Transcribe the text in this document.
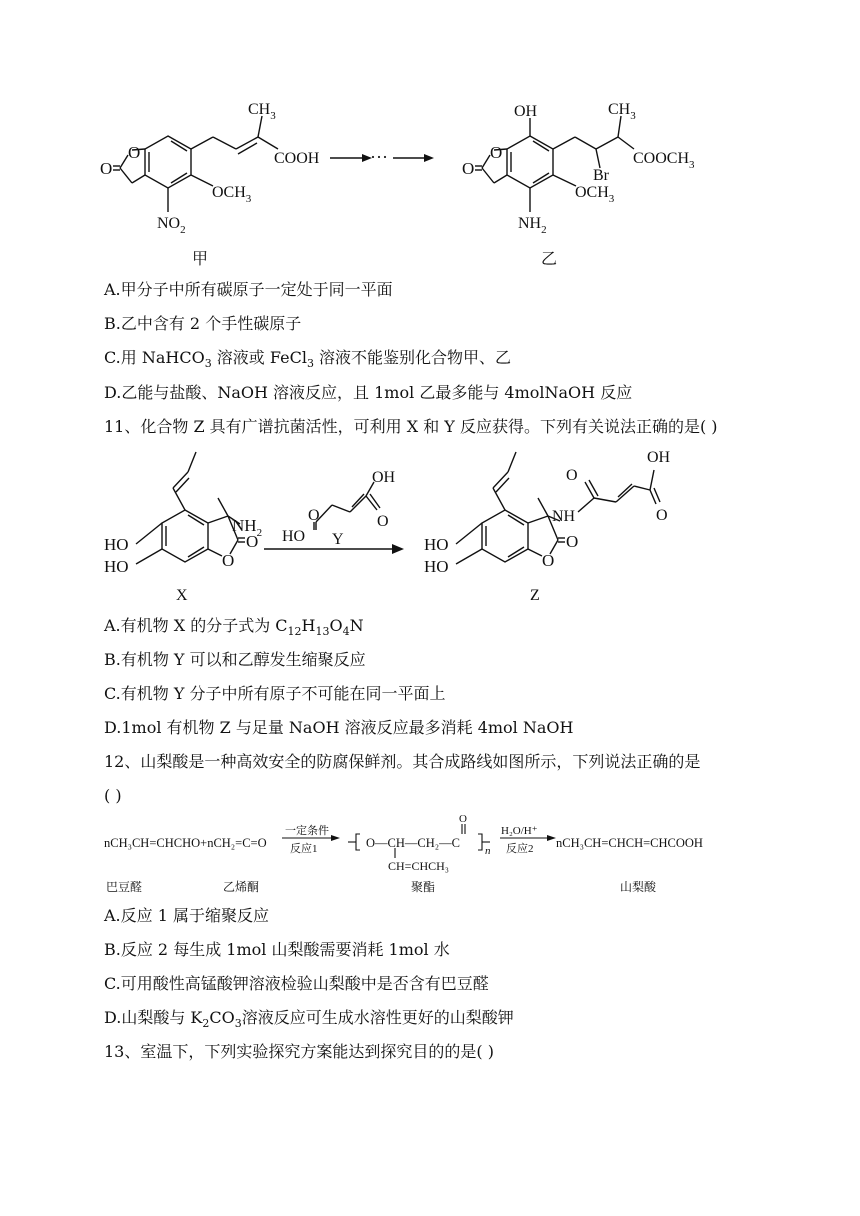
O
O
$CH_3$
COOH
$OCH_3$
$NO_2$
···
O
O
OH	$CH_3$
Br
$COOCH_3$
$OCH_3$
$NH_2$
甲	乙
A.甲分子中所有碳原子一定处于同一平面
B.乙中含有 2 个手性碳原子
C.用 NaHCO$_3$ 溶液或 FeCl$_3$ 溶液不能鉴别化合物甲、乙
D.乙能与盐酸、NaOH 溶液反应，且 1mol 乙最多能与 4molNaOH 反应
11、化合物 Z 具有广谱抗菌活性，可利用 X 和 Y 反应获得。下列有关说法正确的是( )
HO
HO
$NH_2$
O
O
X
OH
O
O
HO Y	HO
HO
NH
O
OH
O
O
O
Z
A.有机物 X 的分子式为 $C_{12}H_{13}O_4N$
B.有机物 Y 可以和乙醇发生缩聚反应
C.有机物 Y 分子中所有原子不可能在同一平面上
D.1mol 有机物 Z 与足量 NaOH 溶液反应最多消耗 4mol NaOH
12、山梨酸是一种高效安全的防腐保鲜剂。其合成路线如图所示，下列说法正确的是
( )
nCH₃CH=CHCHO+nCH₂=C=O
一定条件
反应1	O—CH—CH₂—C
O
CH=CHCH₃
n
H₂O/H⁺
反应2 nCH₃CH=CHCH=CHCOOH
巴豆醛	乙烯酮	聚酯	山梨酸
A.反应 1 属于缩聚反应
B.反应 2 每生成 1mol 山梨酸需要消耗 1mol 水
C.可用酸性高锰酸钾溶液检验山梨酸中是否含有巴豆醛
D.山梨酸与 $K_2CO_3$溶液反应可生成水溶性更好的山梨酸钾
13、室温下，下列实验探究方案能达到探究目的的是( )
